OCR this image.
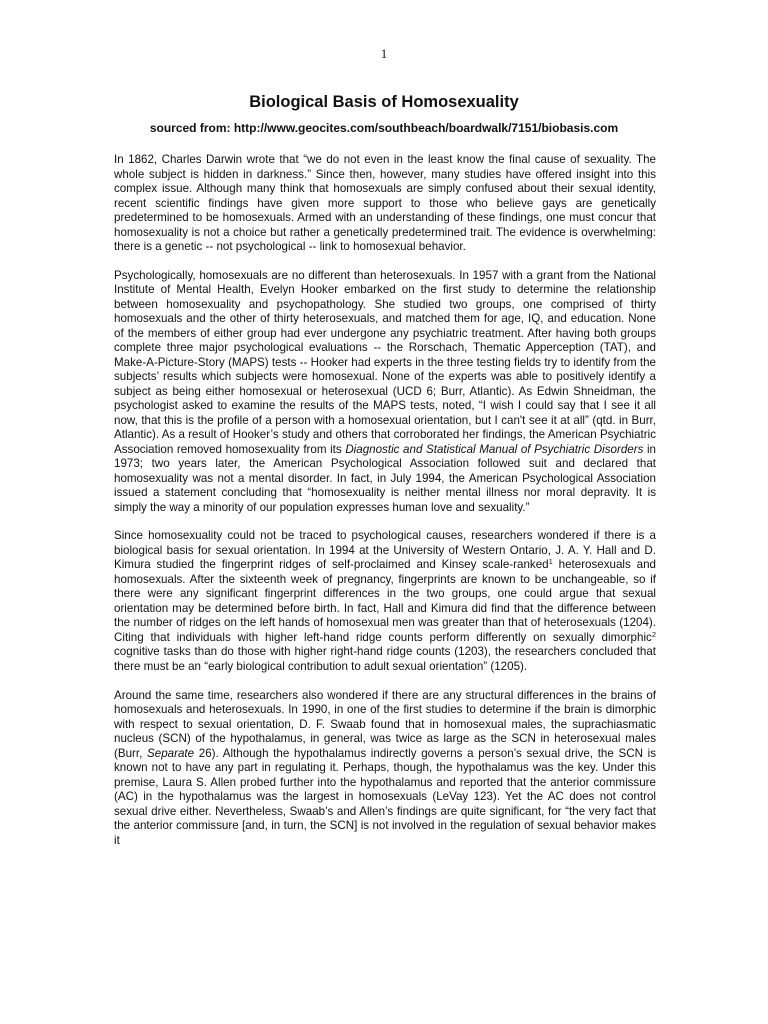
1
Biological Basis of Homosexuality

sourced from: http://www.geocites.com/southbeach/boardwalk/7151/biobasis.com

In 1862, Charles Darwin wrote that “we do not even in the least know the final cause of sexuality. The whole subject is hidden in darkness.” Since then, however, many studies have offered insight into this complex issue. Although many think that homosexuals are simply confused about their sexual identity, recent scientific findings have given more support to those who believe gays are genetically predetermined to be homosexuals. Armed with an understanding of these findings, one must concur that homosexuality is not a choice but rather a genetically predetermined trait. The evidence is overwhelming: there is a genetic -- not psychological -- link to homosexual behavior.

Psychologically, homosexuals are no different than heterosexuals. In 1957 with a grant from the National Institute of Mental Health, Evelyn Hooker embarked on the first study to determine the relationship between homosexuality and psychopathology. She studied two groups, one comprised of thirty homosexuals and the other of thirty heterosexuals, and matched them for age, IQ, and education. None of the members of either group had ever undergone any psychiatric treatment. After having both groups complete three major psychological evaluations -- the Rorschach, Thematic Apperception (TAT), and Make-A-Picture-Story (MAPS) tests -- Hooker had experts in the three testing fields try to identify from the subjects’ results which subjects were homosexual. None of the experts was able to positively identify a subject as being either homosexual or heterosexual (UCD 6; Burr, Atlantic). As Edwin Shneidman, the psychologist asked to examine the results of the MAPS tests, noted, “I wish I could say that I see it all now, that this is the profile of a person with a homosexual orientation, but I can't see it at all” (qtd. in Burr, Atlantic). As a result of Hooker’s study and others that corroborated her findings, the American Psychiatric Association removed homosexuality from its Diagnostic and Statistical Manual of Psychiatric Disorders in 1973; two years later, the American Psychological Association followed suit and declared that homosexuality was not a mental disorder. In fact, in July 1994, the American Psychological Association issued a statement concluding that “homosexuality is neither mental illness nor moral depravity. It is simply the way a minority of our population expresses human love and sexuality.”

Since homosexuality could not be traced to psychological causes, researchers wondered if there is a biological basis for sexual orientation. In 1994 at the University of Western Ontario, J. A. Y. Hall and D. Kimura studied the fingerprint ridges of self-proclaimed and Kinsey scale-ranked$^1$ heterosexuals and homosexuals. After the sixteenth week of pregnancy, fingerprints are known to be unchangeable, so if there were any significant fingerprint differences in the two groups, one could argue that sexual orientation may be determined before birth. In fact, Hall and Kimura did find that the difference between the number of ridges on the left hands of homosexual men was greater than that of heterosexuals (1204). Citing that individuals with higher left-hand ridge counts perform differently on sexually dimorphic$^2$ cognitive tasks than do those with higher right-hand ridge counts (1203), the researchers concluded that there must be an “early biological contribution to adult sexual orientation” (1205).

Around the same time, researchers also wondered if there are any structural differences in the brains of homosexuals and heterosexuals. In 1990, in one of the first studies to determine if the brain is dimorphic with respect to sexual orientation, D. F. Swaab found that in homosexual males, the suprachiasmatic nucleus (SCN) of the hypothalamus, in general, was twice as large as the SCN in heterosexual males (Burr, Separate 26). Although the hypothalamus indirectly governs a person’s sexual drive, the SCN is known not to have any part in regulating it. Perhaps, though, the hypothalamus was the key. Under this premise, Laura S. Allen probed further into the hypothalamus and reported that the anterior commissure (AC) in the hypothalamus was the largest in homosexuals (LeVay 123). Yet the AC does not control sexual drive either. Nevertheless, Swaab’s and Allen’s findings are quite significant, for “the very fact that the anterior commissure [and, in turn, the SCN] is not involved in the regulation of sexual behavior makes it
